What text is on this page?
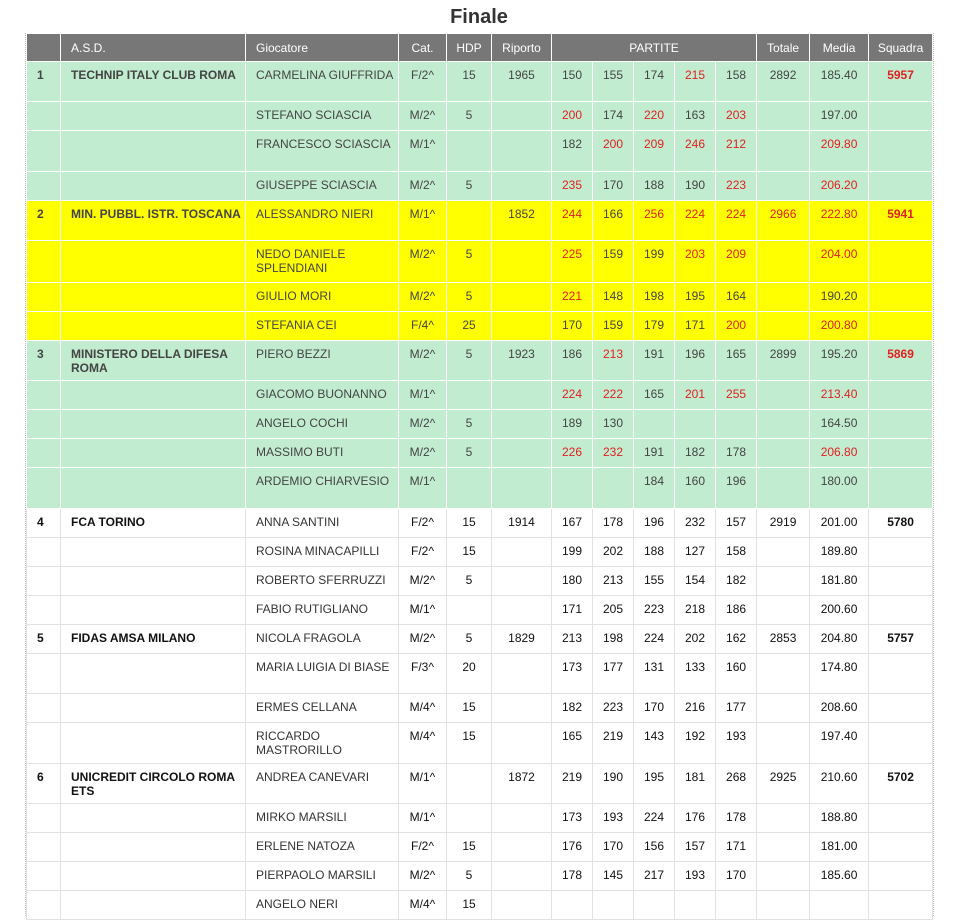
Finale
	A.S.D.	Giocatore	Cat.	HDP	Riporto	PARTITE					Totale	Media	Squadra
1	TECHNIP ITALY CLUB ROMA	CARMELINA GIUFFRIDA	F/2^	15	1965	150	155	174	215	158	2892	185.40	5957
		STEFANO SCIASCIA	M/2^	5		200	174	220	163	203		197.00	
		FRANCESCO SCIASCIA	M/1^			182	200	209	246	212		209.80	
		GIUSEPPE SCIASCIA	M/2^	5		235	170	188	190	223		206.20	
2	MIN. PUBBL. ISTR. TOSCANA	ALESSANDRO NIERI	M/1^		1852	244	166	256	224	224	2966	222.80	5941
		NEDO DANIELE SPLENDIANI	M/2^	5		225	159	199	203	209		204.00	
		GIULIO MORI	M/2^	5		221	148	198	195	164		190.20	
		STEFANIA CEI	F/4^	25		170	159	179	171	200		200.80	
3	MINISTERO DELLA DIFESA ROMA	PIERO BEZZI	M/2^	5	1923	186	213	191	196	165	2899	195.20	5869
		GIACOMO BUONANNO	M/1^			224	222	165	201	255		213.40	
		ANGELO COCHI	M/2^	5		189	130					164.50	
		MASSIMO BUTI	M/2^	5		226	232	191	182	178		206.80	
		ARDEMIO CHIARVESIO	M/1^					184	160	196		180.00	
4	FCA TORINO	ANNA SANTINI	F/2^	15	1914	167	178	196	232	157	2919	201.00	5780
		ROSINA MINACAPILLI	F/2^	15		199	202	188	127	158		189.80	
		ROBERTO SFERRUZZI	M/2^	5		180	213	155	154	182		181.80	
		FABIO RUTIGLIANO	M/1^			171	205	223	218	186		200.60	
5	FIDAS AMSA MILANO	NICOLA FRAGOLA	M/2^	5	1829	213	198	224	202	162	2853	204.80	5757
		MARIA LUIGIA DI BIASE	F/3^	20		173	177	131	133	160		174.80	
		ERMES CELLANA	M/4^	15		182	223	170	216	177		208.60	
		RICCARDO MASTRORILLO	M/4^	15		165	219	143	192	193		197.40	
6	UNICREDIT CIRCOLO ROMA ETS	ANDREA CANEVARI	M/1^		1872	219	190	195	181	268	2925	210.60	5702
		MIRKO MARSILI	M/1^			173	193	224	176	178		188.80	
		ERLENE NATOZA	F/2^	15		176	170	156	157	171		181.00	
		PIERPAOLO MARSILI	M/2^	5		178	145	217	193	170		185.60	
		ANGELO NERI	M/4^	15									
